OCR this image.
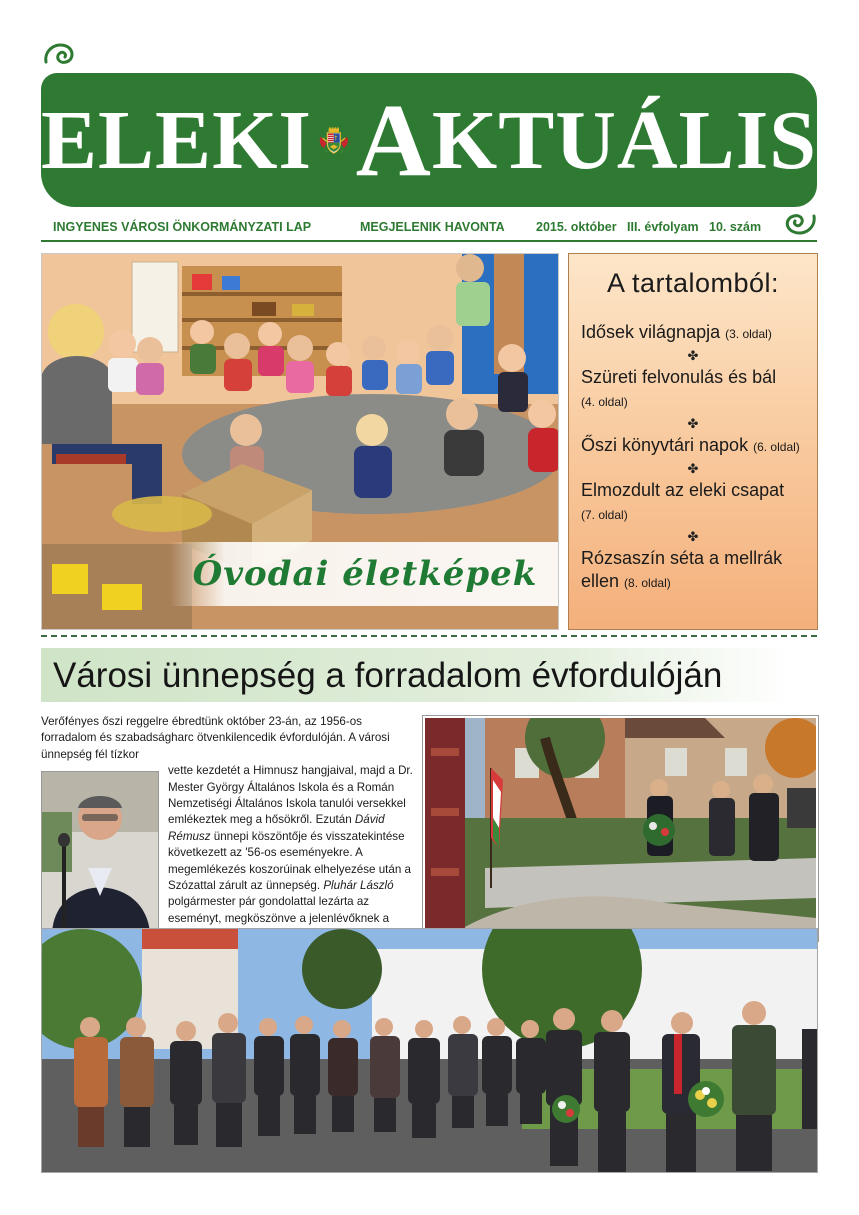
ELEKI A KTUÁLIS
INGYENES VÁROSI ÖNKORMÁNYZATI LAP	MEGJELENIK HAVONTA	2015. október   III. évfolyam   10. szám
Óvodai életképek
A tartalomból:
Idősek világnapja (3. oldal)
✤
Szüreti felvonulás és bál
(4. oldal)
✤
Őszi könyvtári napok (6. oldal)
✤
Elmozdult az eleki csapat
(7. oldal)
✤
Rózsaszín séta a mellrák ellen (8. oldal)
Városi ünnepség a forradalom évfordulóján
Verőfényes őszi reggelre ébredtünk október 23-án, az 1956-os forradalom és szabadságharc ötvenkilencedik évfordulóján. A városi ünnepség fél tízkor
vette kezdetét a Himnusz hangjaival, majd a Dr. Mester György Általános Iskola és a Román Nemzetiségi Általános Iskola tanulói versekkel emlékeztek meg a hősökről. Ezután Dávid Rémusz ünnepi köszöntője és visszatekintése következett az '56-os eseményekre. A megemlékezés koszorúinak elhelyezése után a Szózattal zárult az ünnepség. Pluhár László polgármester pár gondolattal lezárta az eseményt, megköszönve a jelenlévőknek a
